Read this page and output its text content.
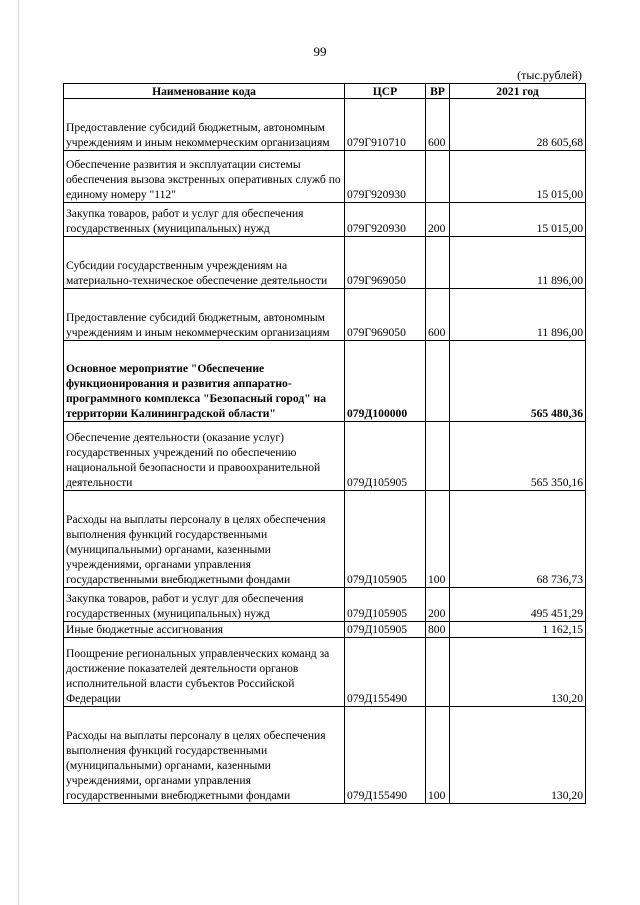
99
(тыс.рублей)
Наименование кода	ЦСР	ВР	2021 год
Предоставление субсидий бюджетным, автономным учреждениям и иным некоммерческим организациям	079Г910710	600	28 605,68
Обеспечение развития и эксплуатации системы обеспечения вызова экстренных оперативных служб по единому номеру "112"	079Г920930		15 015,00
Закупка товаров, работ и услуг для обеспечения государственных (муниципальных) нужд	079Г920930	200	15 015,00
Субсидии государственным учреждениям на материально-техническое обеспечение деятельности	079Г969050		11 896,00
Предоставление субсидий бюджетным, автономным учреждениям и иным некоммерческим организациям	079Г969050	600	11 896,00
Основное мероприятие "Обеспечение функционирования и развития аппаратно-программного комплекса "Безопасный город" на территории Калининградской области"	079Д100000		565 480,36
Обеспечение деятельности (оказание услуг) государственных учреждений по обеспечению национальной безопасности и правоохранительной деятельности	079Д105905		565 350,16
Расходы на выплаты персоналу в целях обеспечения выполнения функций государственными (муниципальными) органами, казенными учреждениями, органами управления государственными внебюджетными фондами	079Д105905	100	68 736,73
Закупка товаров, работ и услуг для обеспечения государственных (муниципальных) нужд	079Д105905	200	495 451,29
Иные бюджетные ассигнования	079Д105905	800	1 162,15
Поощрение региональных управленческих команд за достижение показателей деятельности органов исполнительной власти субъектов Российской Федерации	079Д155490		130,20
Расходы на выплаты персоналу в целях обеспечения выполнения функций государственными (муниципальными) органами, казенными учреждениями, органами управления государственными внебюджетными фондами	079Д155490	100	130,20
